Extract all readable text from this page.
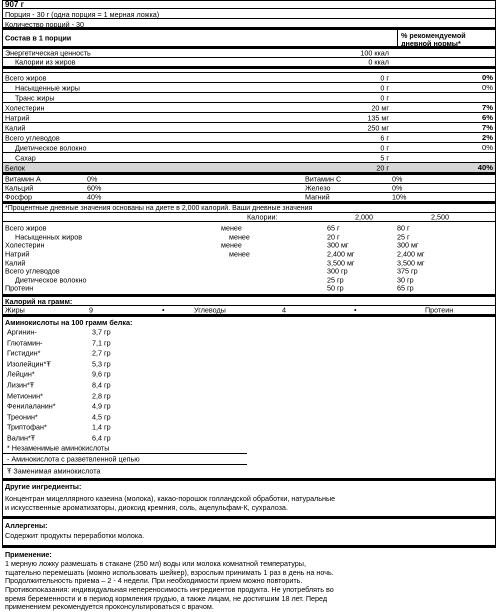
907 г
Порция - 30 г (одна порция = 1 мерная ложка)
Количество порций - 30
Состав в 1 порции	% рекомендуемой
дневной нормы*
Энергетическая ценность	100 ккал
Калории из жиров	0 ккал
Всего жиров	0 г	0%
Насыщенные жиры	0 г	0%
Транс жиры	0 г
Холестерин	20 мг	7%
Натрий	135 мг	6%
Калий	250 мг	7%
Всего углеводов	6 г	2%
Диетическое волокно	0 г	0%
Сахар	5 г
Белок	20 г	40%
Витамин А	0%	Витамин С	0%
Кальций	60%	Железо	0%
Фосфор	40%	Магний	10%
*Процентные дневные значения основаны на диете в 2,000 калорий. Ваши дневные значения
Калории:	2,000	2,500
Всего жиров	менее	65 г	80 г
Насыщенных жиров	менее	20 г	25 г
Холестерин	менее	300 мг	300 мг
Натрий	менее	2,400 мг	2,400 мг
Калий	3,500 мг	3,500 мг
Всего углеводов	300 гр	375 гр
Диетическое волокно	25 гр	30 гр
Протеин	50 гр	65 гр
Калорий на грамм:
Жиры	9	•	Углеводы	4	•	Протеин
Аминокислоты на 100 грамм белка:
Аргинин-	3,7 гр
Глютамин-	7,1 гр
Гистидин*	2,7 гр
Изолейцин*Ŧ	5,3 гр
Лейцин*	9,6 гр
Лизин*Ŧ	8,4 гр
Метионин*	2,8 гр
Фенилаланин*	4,9 гр
Треонин*	4,5 гр
Триптофан*	1,4 гр
Валин*Ŧ	6,4 гр
* Незаменимые аминокислоты
- Аминокислота с разветвленной цепью
Ŧ Заменимая аминокислота
Другие ингредиенты:
Концентран мицеллярного казеина (молока), какао-порошок голландской обработки, натуральные
и искусственные ароматизаторы, диоксид кремния, соль, ацелульфам-К, сухралоза.
Аллергены:
Содержит продукты переработки молока.
Применение:
1 мерную ложку размешать в стакане (250 мл) воды или молока комнатной температуры,
тщательно перемешать (можно использовать шейкер), взрослым принимать 1 раз в день на ночь.
Продолжительность приема – 2 - 4 недели. При необходимости прием можно повторить.
Противопоказания: индивидуальная непереносимость ингредиентов продукта. Не употреблять во
время беременности и в период кормления грудью, а также лицам, не достигшим 18 лет. Перед
применением рекомендуется проконсультироваться с врачом.
